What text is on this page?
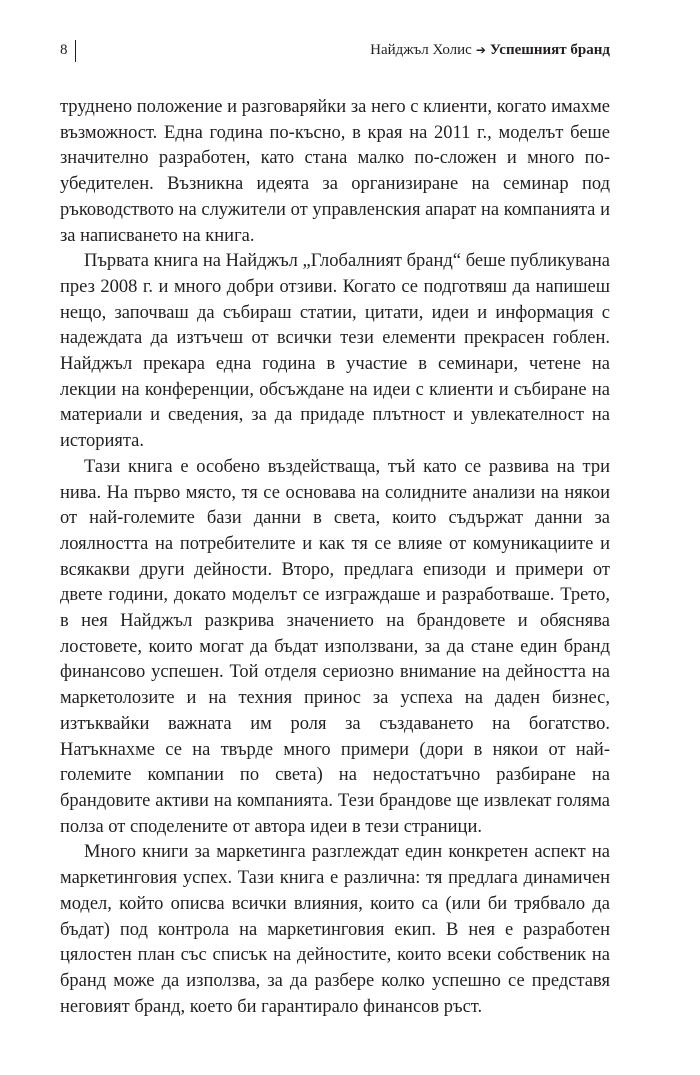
8	Найджъл Холис ➔ Успешният бранд

труднено положение и разговаряйки за него с клиенти, когато имахме възможност. Една година по-късно, в края на 2011 г., моделът беше значително разработен, като стана малко по-сложен и много по-убедителен. Възникна идеята за организиране на семинар под ръководството на служители от управленския апарат на компанията и за написването на книга.

Първата книга на Найджъл „Глобалният бранд“ беше публикувана през 2008 г. и много добри отзиви. Когато се подготвяш да напишеш нещо, започваш да събираш статии, цитати, идеи и информация с надеждата да изтъчеш от всички тези елементи прекрасен гоблен. Найджъл прекара една година в участие в семинари, четене на лекции на конференции, обсъждане на идеи с клиенти и събиране на материали и сведения, за да придаде плътност и увлекателност на историята.

Тази книга е особено въздействаща, тъй като се развива на три нива. На първо място, тя се основава на солидните анализи на някои от най-големите бази данни в света, които съдържат данни за лоялността на потребителите и как тя се влияе от комуникациите и всякакви други дейности. Второ, предлага епизоди и примери от двете години, докато моделът се изграждаше и разработваше. Трето, в нея Найджъл разкрива значението на брандовете и обяснява лостовете, които могат да бъдат използвани, за да стане един бранд финансово успешен. Той отделя сериозно внимание на дейността на маркетолозите и на техния принос за успеха на даден бизнес, изтъквайки важната им роля за създаването на богатство. Натъкнахме се на твърде много примери (дори в някои от най-големите компании по света) на недостатъчно разбиране на брандовите активи на компанията. Тези брандове ще извлекат голяма полза от споделените от автора идеи в тези страници.

Много книги за маркетинга разглеждат един конкретен аспект на маркетинговия успех. Тази книга е различна: тя предлага динамичен модел, който описва всички влияния, които са (или би трябвало да бъдат) под контрола на маркетинговия екип. В нея е разработен цялостен план със списък на дейностите, които всеки собственик на бранд може да използва, за да разбере колко успешно се представя неговият бранд, което би гарантирало финансов ръст.
